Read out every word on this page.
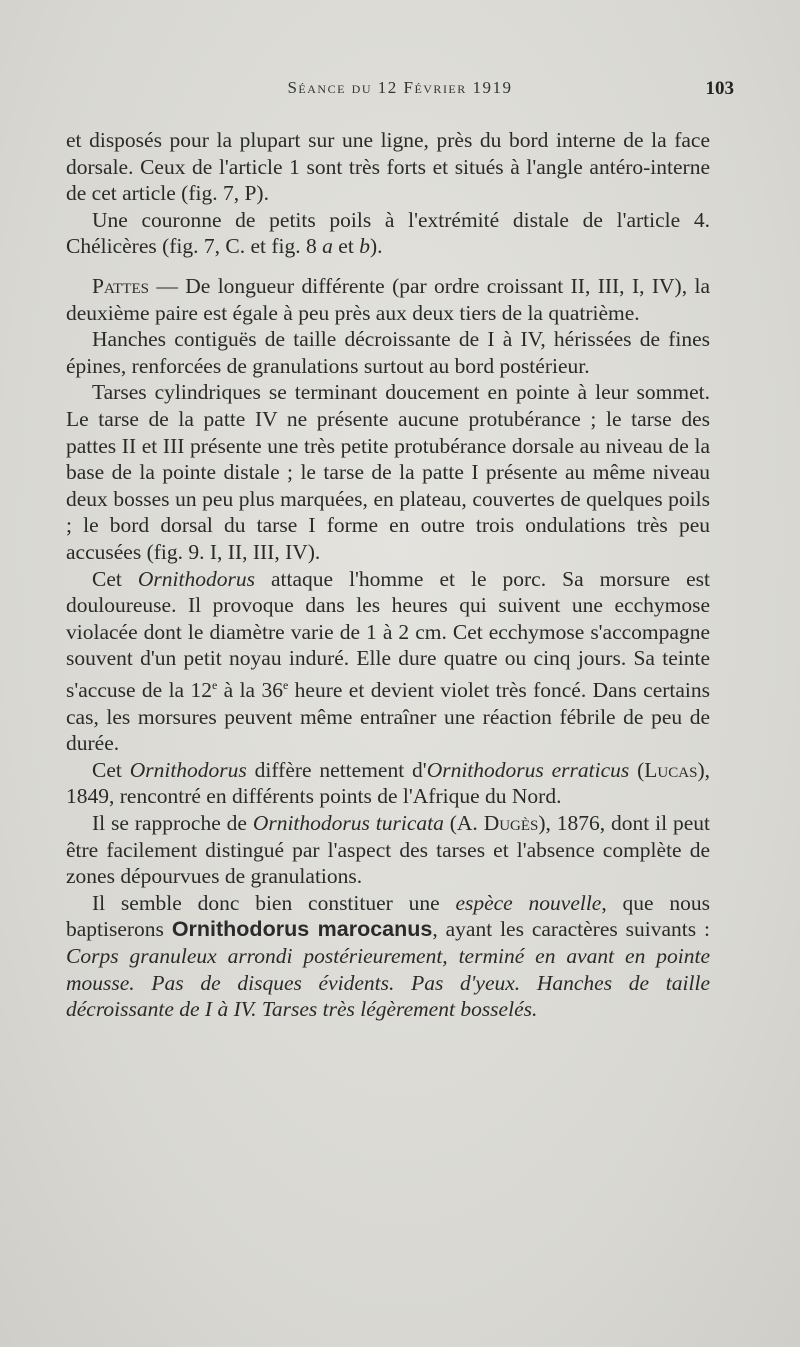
Séance du 12 Février 1919	103

et disposés pour la plupart sur une ligne, près du bord interne de la face dorsale. Ceux de l'article 1 sont très forts et situés à l'angle antéro-interne de cet article (fig. 7, P).

Une couronne de petits poils à l'extrémité distale de l'article 4. Chélicères (fig. 7, C. et fig. 8 a et b).

Pattes — De longueur différente (par ordre croissant II, III, I, IV), la deuxième paire est égale à peu près aux deux tiers de la quatrième.

Hanches contiguës de taille décroissante de I à IV, hérissées de fines épines, renforcées de granulations surtout au bord postérieur.

Tarses cylindriques se terminant doucement en pointe à leur sommet. Le tarse de la patte IV ne présente aucune protubérance ; le tarse des pattes II et III présente une très petite protubérance dorsale au niveau de la base de la pointe distale ; le tarse de la patte I présente au même niveau deux bosses un peu plus marquées, en plateau, couvertes de quelques poils ; le bord dorsal du tarse I forme en outre trois ondulations très peu accusées (fig. 9. I, II, III, IV).

Cet Ornithodorus attaque l'homme et le porc. Sa morsure est douloureuse. Il provoque dans les heures qui suivent une ecchymose violacée dont le diamètre varie de 1 à 2 cm. Cet ecchymose s'accompagne souvent d'un petit noyau induré. Elle dure quatre ou cinq jours. Sa teinte s'accuse de la 12e à la 36e heure et devient violet très foncé. Dans certains cas, les morsures peuvent même entraîner une réaction fébrile de peu de durée.

Cet Ornithodorus diffère nettement d'Ornithodorus erraticus (Lucas), 1849, rencontré en différents points de l'Afrique du Nord.

Il se rapproche de Ornithodorus turicata (A. Dugès), 1876, dont il peut être facilement distingué par l'aspect des tarses et l'absence complète de zones dépourvues de granulations.

Il semble donc bien constituer une espèce nouvelle, que nous baptiserons Ornithodorus marocanus, ayant les caractères suivants : Corps granuleux arrondi postérieurement, terminé en avant en pointe mousse. Pas de disques évidents. Pas d'yeux. Hanches de taille décroissante de I à IV. Tarses très légèrement bosselés.
